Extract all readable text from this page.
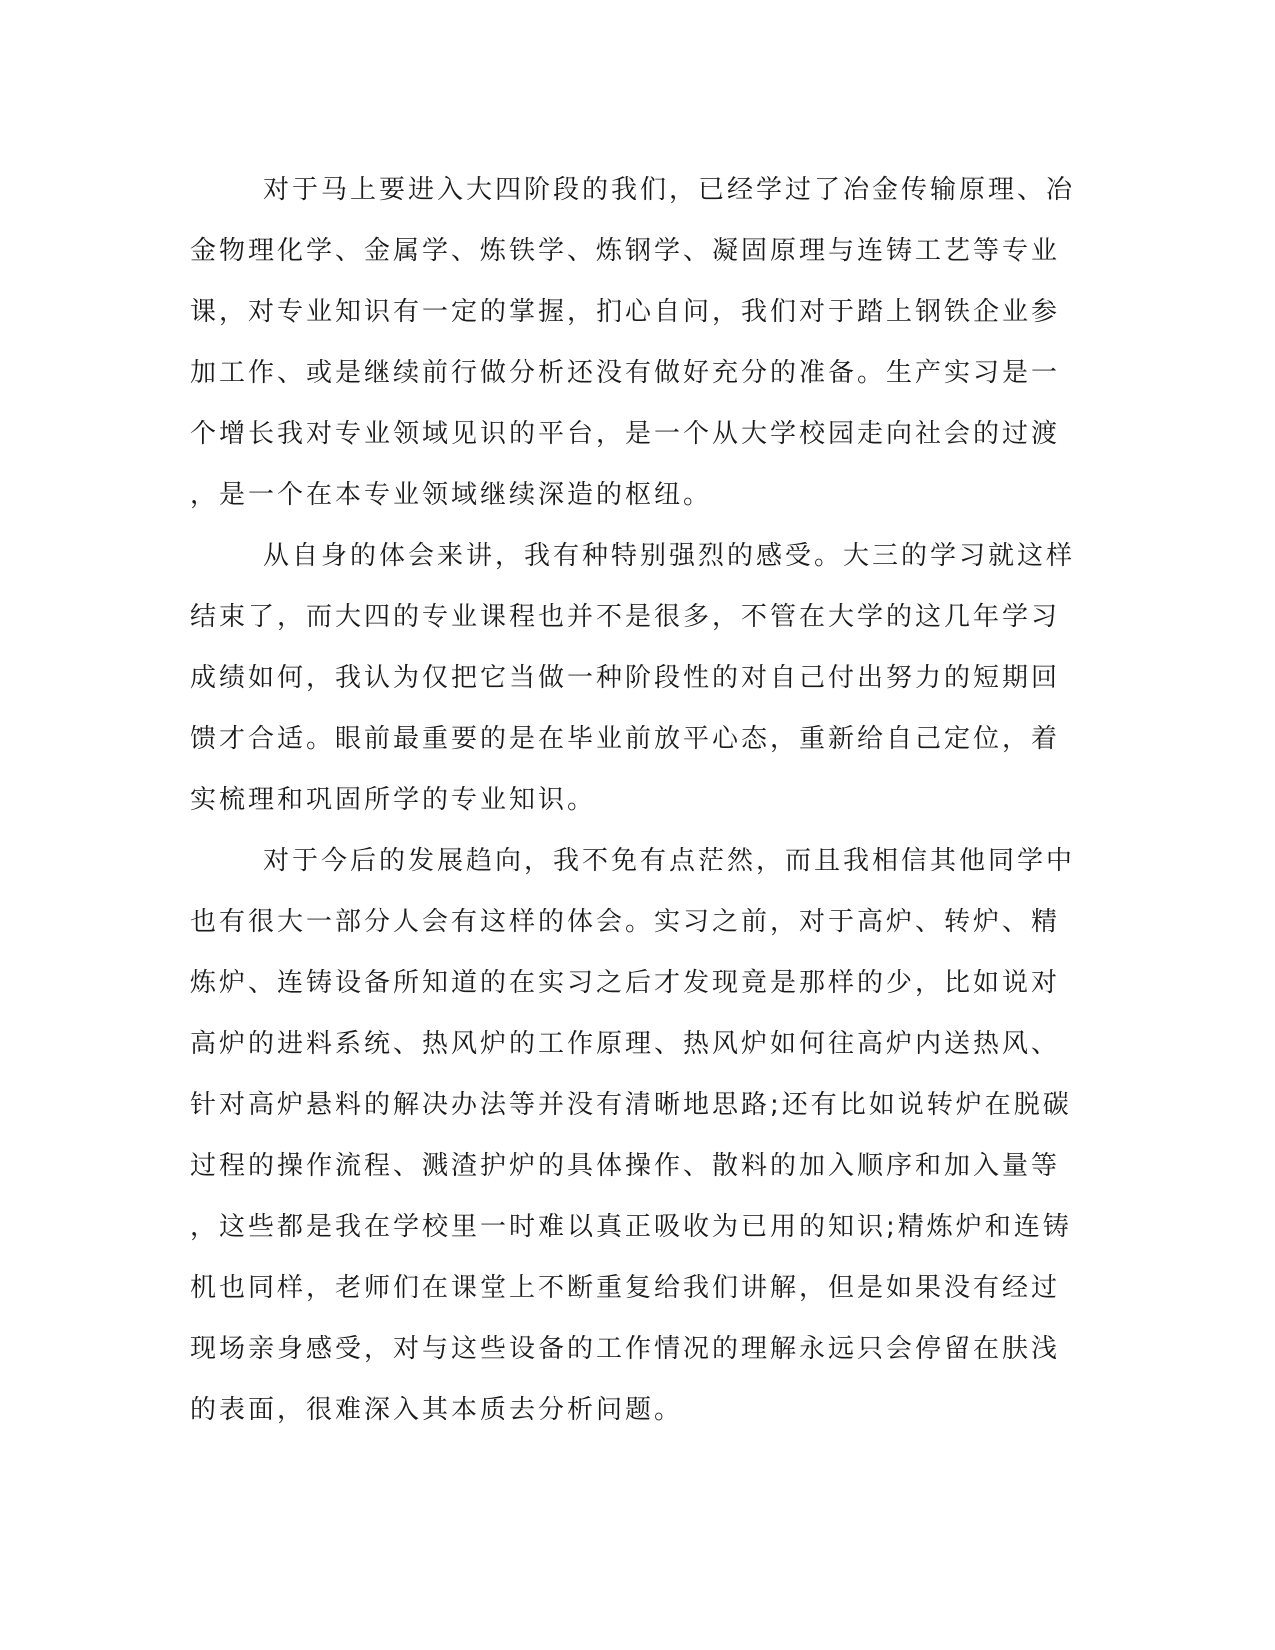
对于马上要进入大四阶段的我们，已经学过了冶金传输原理、冶
金物理化学、金属学、炼铁学、炼钢学、凝固原理与连铸工艺等专业
课，对专业知识有一定的掌握，扪心自问，我们对于踏上钢铁企业参
加工作、或是继续前行做分析还没有做好充分的准备。生产实习是一
个增长我对专业领域见识的平台，是一个从大学校园走向社会的过渡
，是一个在本专业领域继续深造的枢纽。
从自身的体会来讲，我有种特别强烈的感受。大三的学习就这样
结束了，而大四的专业课程也并不是很多，不管在大学的这几年学习
成绩如何，我认为仅把它当做一种阶段性的对自己付出努力的短期回
馈才合适。眼前最重要的是在毕业前放平心态，重新给自己定位，着
实梳理和巩固所学的专业知识。
对于今后的发展趋向，我不免有点茫然，而且我相信其他同学中
也有很大一部分人会有这样的体会。实习之前，对于高炉、转炉、精
炼炉、连铸设备所知道的在实习之后才发现竟是那样的少，比如说对
高炉的进料系统、热风炉的工作原理、热风炉如何往高炉内送热风、
针对高炉悬料的解决办法等并没有清晰地思路;还有比如说转炉在脱碳
过程的操作流程、溅渣护炉的具体操作、散料的加入顺序和加入量等
，这些都是我在学校里一时难以真正吸收为已用的知识;精炼炉和连铸
机也同样，老师们在课堂上不断重复给我们讲解，但是如果没有经过
现场亲身感受，对与这些设备的工作情况的理解永远只会停留在肤浅
的表面，很难深入其本质去分析问题。
